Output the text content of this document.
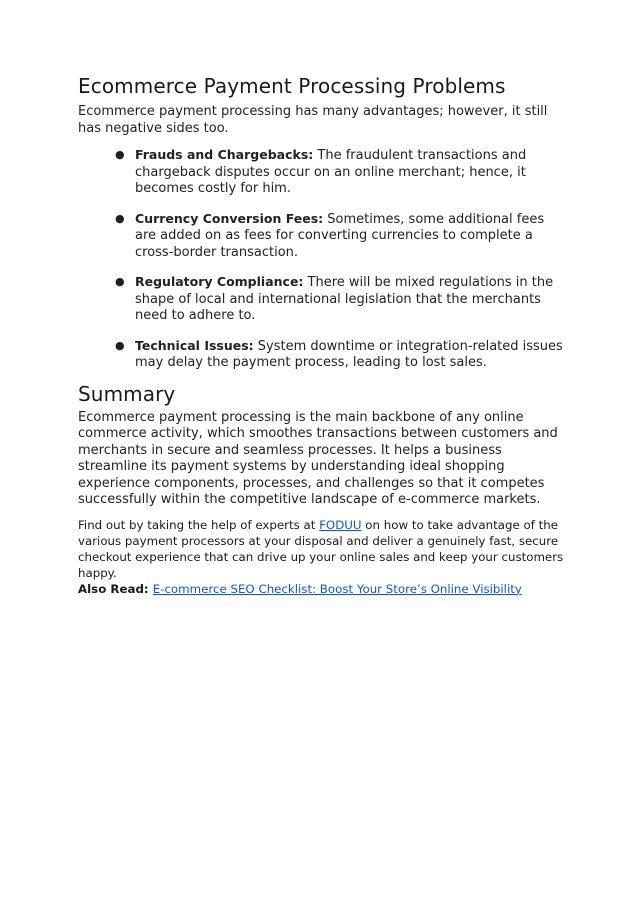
Ecommerce Payment Processing Problems

Ecommerce payment processing has many advantages; however, it still has negative sides too.

● Frauds and Chargebacks: The fraudulent transactions and chargeback disputes occur on an online merchant; hence, it becomes costly for him.
● Currency Conversion Fees: Sometimes, some additional fees are added on as fees for converting currencies to complete a cross-border transaction.
● Regulatory Compliance: There will be mixed regulations in the shape of local and international legislation that the merchants need to adhere to.
● Technical Issues: System downtime or integration-related issues may delay the payment process, leading to lost sales.
Summary

Ecommerce payment processing is the main backbone of any online commerce activity, which smoothes transactions between customers and merchants in secure and seamless processes. It helps a business streamline its payment systems by understanding ideal shopping experience components, processes, and challenges so that it competes successfully within the competitive landscape of e-commerce markets.

Find out by taking the help of experts at FODUU on how to take advantage of the various payment processors at your disposal and deliver a genuinely fast, secure checkout experience that can drive up your online sales and keep your customers happy.

Also Read: E-commerce SEO Checklist: Boost Your Store’s Online Visibility
